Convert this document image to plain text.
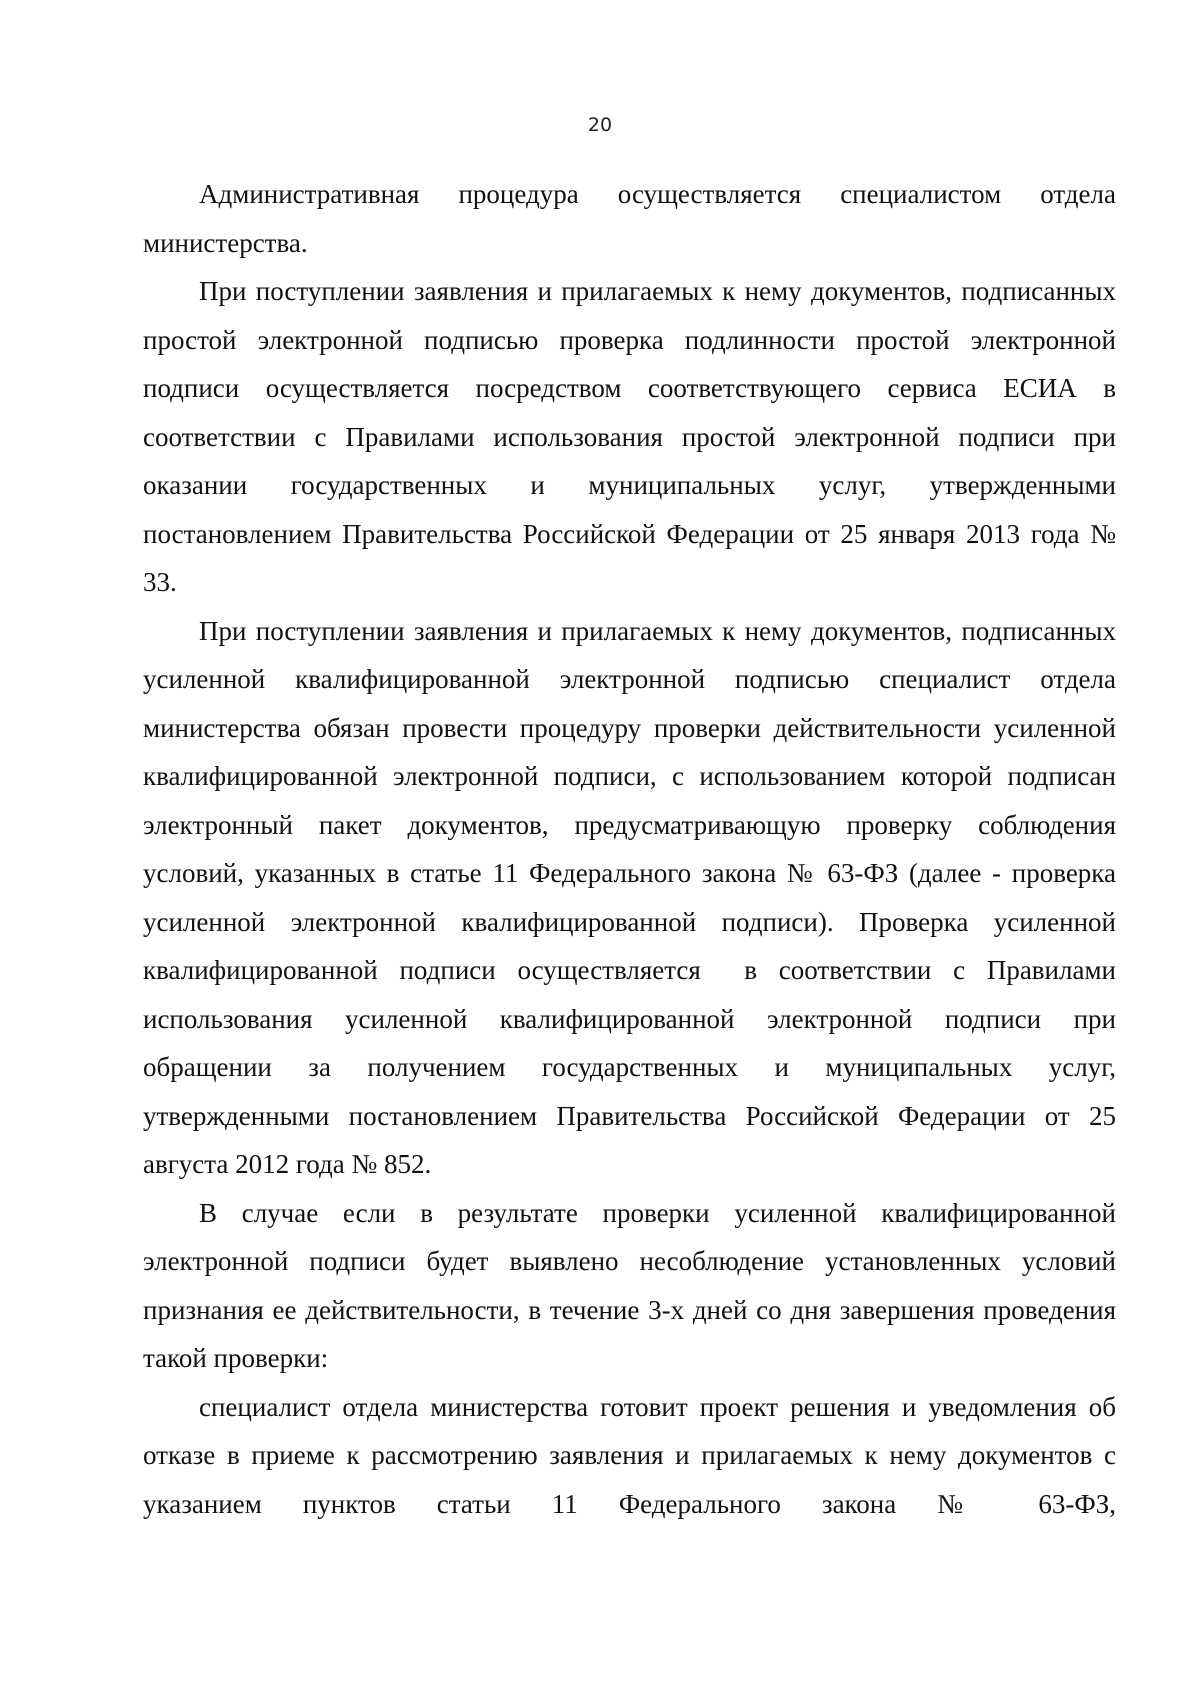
20

Административная  процедура  осуществляется  специалистом  отдела министерства.

При поступлении заявления и прилагаемых к нему документов, подписанных простой электронной подписью проверка подлинности простой электронной подписи осуществляется посредством соответствующего сервиса ЕСИА в соответствии с Правилами использования простой электронной подписи при оказании государственных и муниципальных услуг, утвержденными постановлением Правительства Российской Федерации от 25 января 2013 года № 33.

При поступлении заявления и прилагаемых к нему документов, подписанных усиленной квалифицированной электронной подписью специалист отдела министерства обязан провести процедуру проверки действительности усиленной квалифицированной электронной подписи, с использованием которой подписан электронный пакет документов, предусматривающую проверку соблюдения условий, указанных в статье 11 Федерального закона № 63-ФЗ (далее - проверка усиленной электронной квалифицированной подписи). Проверка усиленной квалифицированной подписи осуществляется  в соответствии с Правилами использования усиленной квалифицированной электронной подписи при обращении за получением государственных и муниципальных услуг, утвержденными постановлением Правительства Российской Федерации от 25 августа 2012 года № 852.

В случае если в результате проверки усиленной квалифицированной электронной подписи будет выявлено несоблюдение установленных условий признания ее действительности, в течение 3-х дней со дня завершения проведения такой проверки:

специалист отдела министерства готовит проект решения и уведомления об отказе в приеме к рассмотрению заявления и прилагаемых к нему документов с указанием пунктов статьи 11 Федерального закона № 63-ФЗ,
